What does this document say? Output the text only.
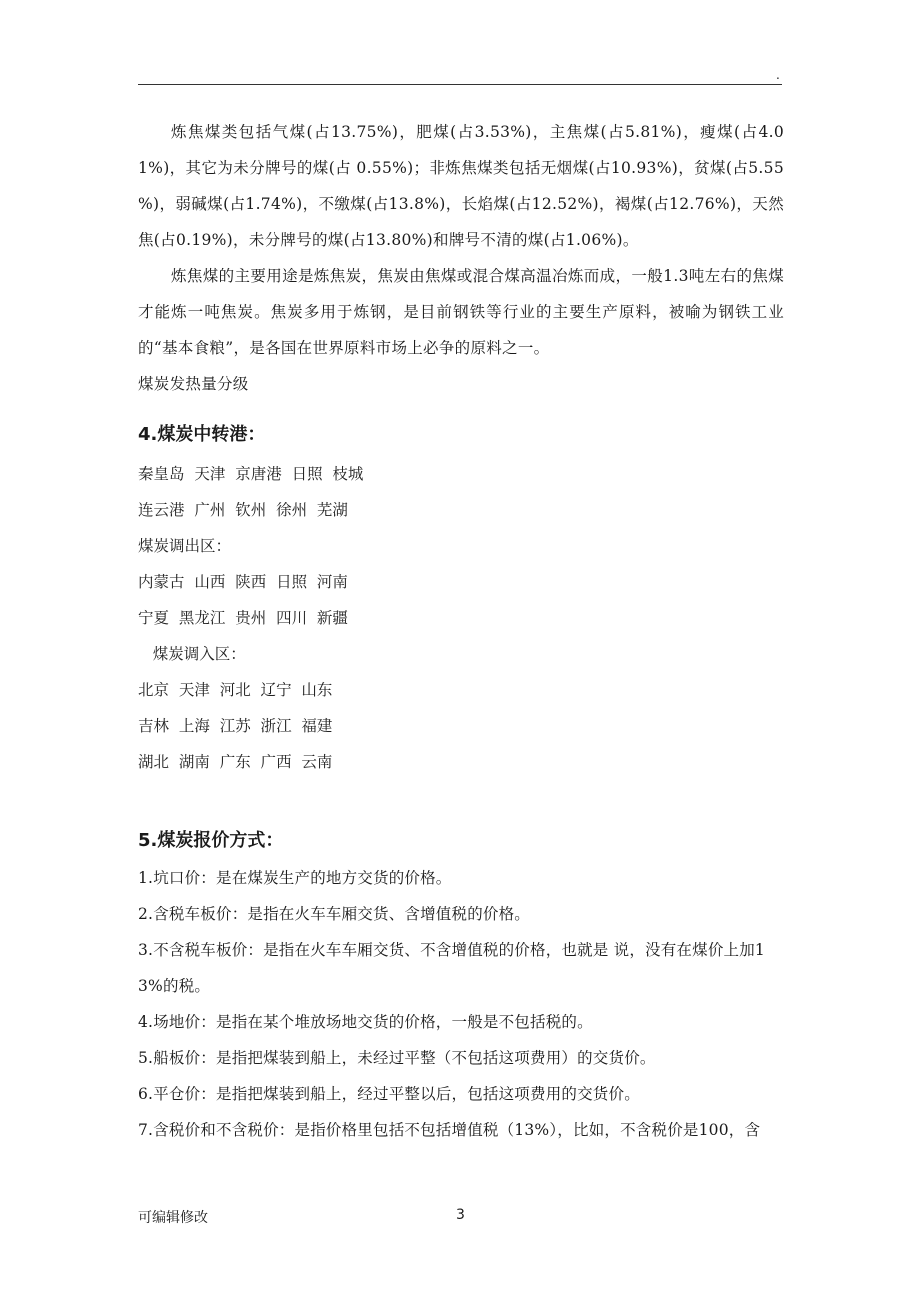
.

炼焦煤类包括气煤(占13.75%)，肥煤(占3.53%)，主焦煤(占5.81%)，瘦煤(占4.01%)，其它为未分牌号的煤(占 0.55%)；非炼焦煤类包括无烟煤(占10.93%)，贫煤(占5.55 %)，弱碱煤(占1.74%)，不缴煤(占13.8%)，长焰煤(占12.52%)，褐煤(占12.76%)，天然焦(占0.19%)，未分牌号的煤(占13.80%)和牌号不清的煤(占1.06%)。

炼焦煤的主要用途是炼焦炭，焦炭由焦煤或混合煤高温冶炼而成，一般1.3吨左右的焦煤才能炼一吨焦炭。焦炭多用于炼钢，是目前钢铁等行业的主要生产原料，被喻为钢铁工业的“基本食粮”，是各国在世界原料市场上必争的原料之一。

煤炭发热量分级

4.煤炭中转港：

秦皇岛  天津  京唐港  日照  枝城

连云港  广州  钦州  徐州  芜湖

煤炭调出区：

内蒙古  山西  陕西  日照  河南

宁夏  黑龙江  贵州  四川  新疆

煤炭调入区：

北京  天津  河北  辽宁  山东

吉林  上海  江苏  浙江  福建

湖北  湖南  广东  广西  云南

5.煤炭报价方式：

1.坑口价：是在煤炭生产的地方交货的价格。

2.含税车板价：是指在火车车厢交货、含增值税的价格。

3.不含税车板价：是指在火车车厢交货、不含增值税的价格，也就是 说，没有在煤价上加13%的税。

4.场地价：是指在某个堆放场地交货的价格，一般是不包括税的。

5.船板价：是指把煤装到船上，未经过平整（不包括这项费用）的交货价。

6.平仓价：是指把煤装到船上，经过平整以后，包括这项费用的交货价。

7.含税价和不含税价：是指价格里包括不包括增值税（13%），比如，不含税价是100，含

可编辑修改	3
